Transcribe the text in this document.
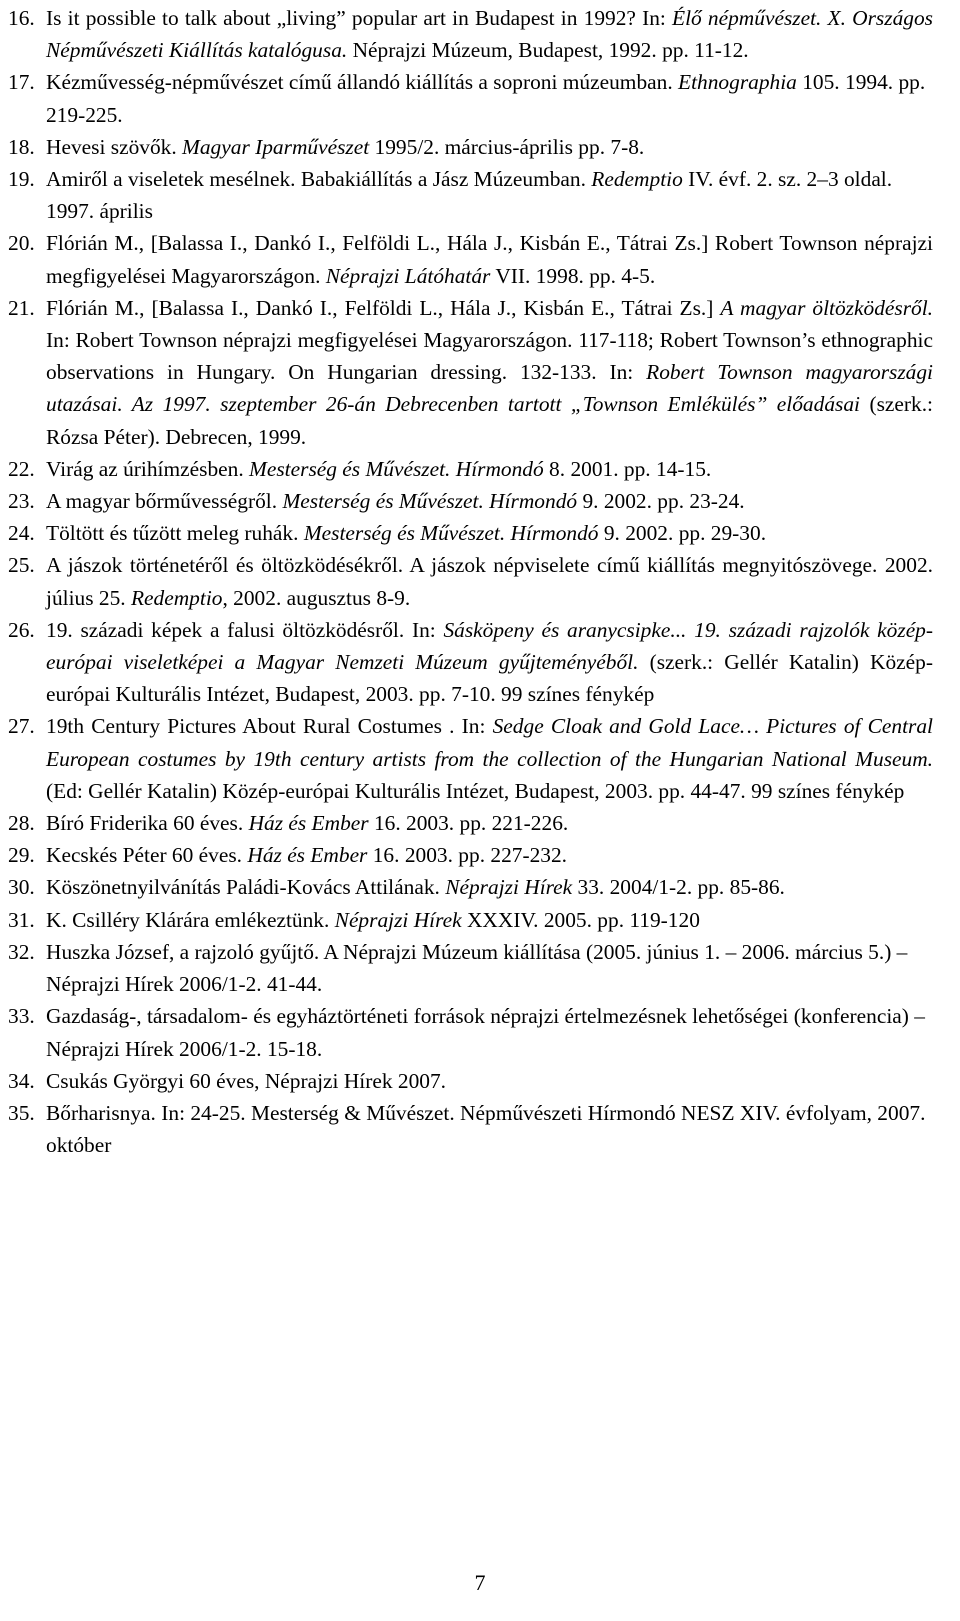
16. Is it possible to talk about „living” popular art in Budapest in 1992? In: Élő népművészet. X. Országos Népművészeti Kiállítás katalógusa. Néprajzi Múzeum, Budapest, 1992. pp. 11-12.
17. Kézművesség-népművészet című állandó kiállítás a soproni múzeumban. Ethnographia 105. 1994. pp. 219-225.
18. Hevesi szövők. Magyar Iparművészet 1995/2. március-április pp. 7-8.
19. Amiről a viseletek mesélnek. Babakiállítás a Jász Múzeumban. Redemptio IV. évf. 2. sz. 2–3 oldal. 1997. április
20. Flórián M., [Balassa I., Dankó I., Felföldi L., Hála J., Kisbán E., Tátrai Zs.] Robert Townson néprajzi megfigyelései Magyarországon. Néprajzi Látóhatár VII. 1998. pp. 4-5.
21. Flórián M., [Balassa I., Dankó I., Felföldi L., Hála J., Kisbán E., Tátrai Zs.] A magyar öltözködésről. In: Robert Townson néprajzi megfigyelései Magyarországon. 117-118; Robert Townson’s ethnographic observations in Hungary. On Hungarian dressing. 132-133. In: Robert Townson magyarországi utazásai. Az 1997. szeptember 26-án Debrecenben tartott „Townson Emlékülés” előadásai (szerk.: Rózsa Péter). Debrecen, 1999.
22. Virág az úrihímzésben. Mesterség és Művészet. Hírmondó 8. 2001. pp. 14-15.
23. A magyar bőrművességről. Mesterség és Művészet. Hírmondó 9. 2002. pp. 23-24.
24. Töltött és tűzött meleg ruhák. Mesterség és Művészet. Hírmondó 9. 2002. pp. 29-30.
25. A jászok történetéről és öltözködésékről. A jászok népviselete című kiállítás megnyitószövege. 2002. július 25. Redemptio, 2002. augusztus 8-9.
26. 19. századi képek a falusi öltözködésről. In: Sásköpeny és aranycsipke... 19. századi rajzolók közép-európai viseletképei a Magyar Nemzeti Múzeum gyűjteményéből. (szerk.: Gellér Katalin) Közép-európai Kulturális Intézet, Budapest, 2003. pp. 7-10. 99 színes fénykép
27. 19th Century Pictures About Rural Costumes . In: Sedge Cloak and Gold Lace… Pictures of Central European costumes by 19th century artists from the collection of the Hungarian National Museum. (Ed: Gellér Katalin) Közép-európai Kulturális Intézet, Budapest, 2003. pp. 44-47. 99 színes fénykép
28. Bíró Friderika 60 éves. Ház és Ember 16. 2003. pp. 221-226.
29. Kecskés Péter 60 éves. Ház és Ember 16. 2003. pp. 227-232.
30. Köszönetnyilvánítás Paládi-Kovács Attilának. Néprajzi Hírek 33. 2004/1-2. pp. 85-86.
31. K. Csilléry Klárára emlékeztünk. Néprajzi Hírek XXXIV. 2005. pp. 119-120
32. Huszka József, a rajzoló gyűjtő. A Néprajzi Múzeum kiállítása (2005. június 1. – 2006. március 5.) – Néprajzi Hírek 2006/1-2. 41-44.
33. Gazdaság-, társadalom- és egyháztörténeti források néprajzi értelmezésnek lehetőségei (konferencia) – Néprajzi Hírek 2006/1-2. 15-18.
34. Csukás Györgyi 60 éves, Néprajzi Hírek 2007.
35. Bőrharisnya. In: 24-25. Mesterség & Művészet. Népművészeti Hírmondó NESZ XIV. évfolyam, 2007. október
7
